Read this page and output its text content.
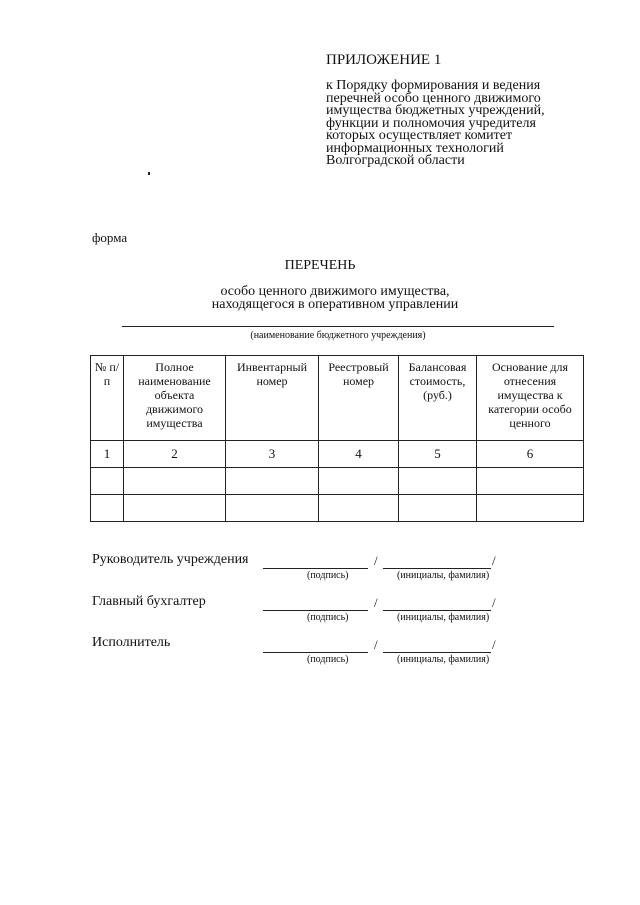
ПРИЛОЖЕНИЕ 1
к Порядку формирования и ведения
перечней особо ценного движимого
имущества бюджетных учреждений,
функции и полномочия учредителя
которых осуществляет комитет
информационных технологий
Волгоградской области
форма
ПЕРЕЧЕНЬ
особо ценного движимого имущества,
находящегося в оперативном управлении
(наименование бюджетного учреждения)
№ п/п	Полное наименование объекта движимого имущества	Инвентарный номер	Реестровый номер	Балансовая стоимость, (руб.)	Основание для отнесения имущества к категории особо ценного
1	2	3	4	5	6

Руководитель учреждения	/	/
(подпись)	(инициалы, фамилия)
Главный бухгалтер	/	/
(подпись)	(инициалы, фамилия)
Исполнитель	/	/
(подпись)	(инициалы, фамилия)
